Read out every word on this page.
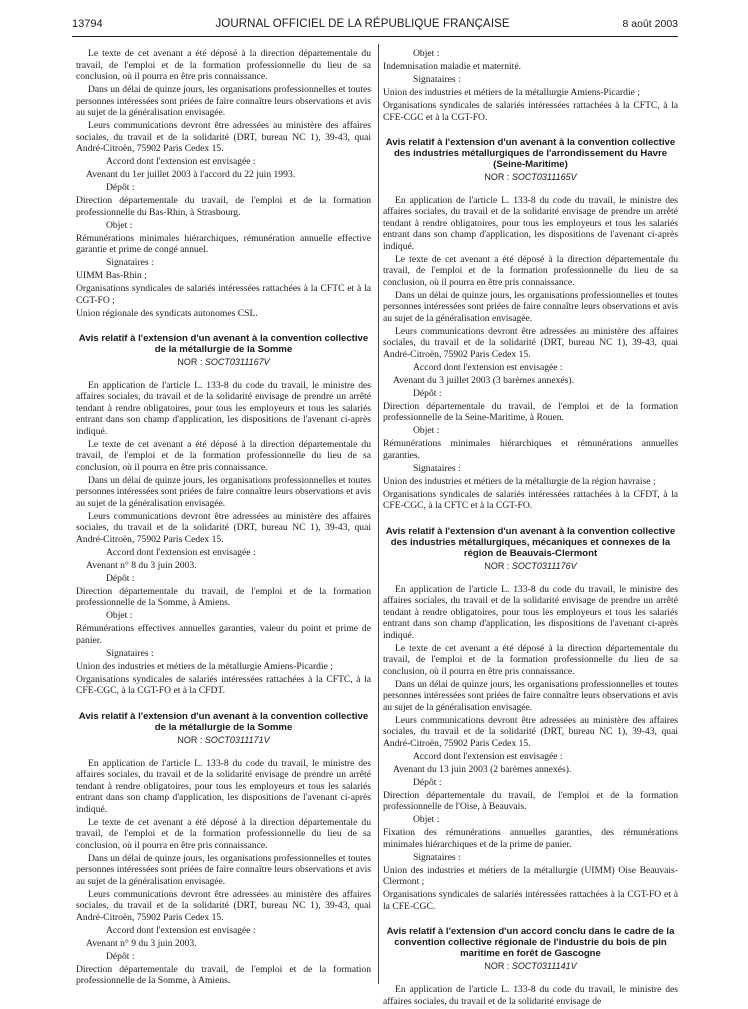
13794	JOURNAL OFFICIEL DE LA RÉPUBLIQUE FRANÇAISE	8 août 2003

Le texte de cet avenant a été déposé à la direction départementale du travail, de l'emploi et de la formation professionnelle du lieu de sa conclusion, où il pourra en être pris connaissance.

Dans un délai de quinze jours, les organisations professionnelles et toutes personnes intéressées sont priées de faire connaître leurs observations et avis au sujet de la généralisation envisagée.

Leurs communications devront être adressées au ministère des affaires sociales, du travail et de la solidarité (DRT, bureau NC 1), 39-43, quai André-Citroën, 75902 Paris Cedex 15.

Accord dont l'extension est envisagée :

Avenant du 1er juillet 2003 à l'accord du 22 juin 1993.

Dépôt :

Direction départementale du travail, de l'emploi et de la formation professionnelle du Bas-Rhin, à Strasbourg.

Objet :

Rémunérations minimales hiérarchiques, rémunération annuelle effective garantie et prime de congé annuel.

Signataires :

UIMM Bas-Rhin ;

Organisations syndicales de salariés intéressées rattachées à la CFTC et à la CGT-FO ;

Union régionale des syndicats autonomes CSL.

Avis relatif à l'extension d'un avenant à la convention collective de la métallurgie de la Somme
NOR : SOCT0311167V

En application de l'article L. 133-8 du code du travail, le ministre des affaires sociales, du travail et de la solidarité envisage de prendre un arrêté tendant à rendre obligatoires, pour tous les employeurs et tous les salariés entrant dans son champ d'application, les dispositions de l'avenant ci-après indiqué.

Le texte de cet avenant a été déposé à la direction départementale du travail, de l'emploi et de la formation professionnelle du lieu de sa conclusion, où il pourra en être pris connaissance.

Dans un délai de quinze jours, les organisations professionnelles et toutes personnes intéressées sont priées de faire connaître leurs observations et avis au sujet de la généralisation envisagée.

Leurs communications devront être adressées au ministère des affaires sociales, du travail et de la solidarité (DRT, bureau NC 1), 39-43, quai André-Citroën, 75902 Paris Cedex 15.

Accord dont l'extension est envisagée :

Avenant n° 8 du 3 juin 2003.

Dépôt :

Direction départementale du travail, de l'emploi et de la formation professionnelle de la Somme, à Amiens.

Objet :

Rémunérations effectives annuelles garanties, valeur du point et prime de panier.

Signataires :

Union des industries et métiers de la métallurgie Amiens-Picardie ;

Organisations syndicales de salariés intéressées rattachées à la CFTC, à la CFE-CGC, à la CGT-FO et à la CFDT.

Avis relatif à l'extension d'un avenant à la convention collective de la métallurgie de la Somme
NOR : SOCT0311171V

En application de l'article L. 133-8 du code du travail, le ministre des affaires sociales, du travail et de la solidarité envisage de prendre un arrêté tendant à rendre obligatoires, pour tous les employeurs et tous les salariés entrant dans son champ d'application, les dispositions de l'avenant ci-après indiqué.

Le texte de cet avenant a été déposé à la direction départementale du travail, de l'emploi et de la formation professionnelle du lieu de sa conclusion, où il pourra en être pris connaissance.

Dans un délai de quinze jours, les organisations professionnelles et toutes personnes intéressées sont priées de faire connaître leurs observations et avis au sujet de la généralisation envisagée.

Leurs communications devront être adressées au ministère des affaires sociales, du travail et de la solidarité (DRT, bureau NC 1), 39-43, quai André-Citroën, 75902 Paris Cedex 15.

Accord dont l'extension est envisagée :

Avenant n° 9 du 3 juin 2003.

Dépôt :

Direction départementale du travail, de l'emploi et de la formation professionnelle de la Somme, à Amiens.

Objet :

Indemnisation maladie et maternité.

Signataires :

Union des industries et métiers de la métallurgie Amiens-Picardie ;

Organisations syndicales de salariés intéressées rattachées à la CFTC, à la CFE-CGC et à la CGT-FO.

Avis relatif à l'extension d'un avenant à la convention collective des industries métallurgiques de l'arrondissement du Havre (Seine-Maritime)
NOR : SOCT0311165V

En application de l'article L. 133-8 du code du travail, le ministre des affaires sociales, du travail et de la solidarité envisage de prendre un arrêté tendant à rendre obligatoires, pour tous les employeurs et tous les salariés entrant dans son champ d'application, les dispositions de l'avenant ci-après indiqué.

Le texte de cet avenant a été déposé à la direction départementale du travail, de l'emploi et de la formation professionnelle du lieu de sa conclusion, où il pourra en être pris connaissance.

Dans un délai de quinze jours, les organisations professionnelles et toutes personnes intéressées sont priées de faire connaître leurs observations et avis au sujet de la généralisation envisagée.

Leurs communications devront être adressées au ministère des affaires sociales, du travail et de la solidarité (DRT, bureau NC 1), 39-43, quai André-Citroën, 75902 Paris Cedex 15.

Accord dont l'extension est envisagée :

Avenant du 3 juillet 2003 (3 barèmes annexés).

Dépôt :

Direction départementale du travail, de l'emploi et de la formation professionnelle de la Seine-Maritime, à Rouen.

Objet :

Rémunérations minimales hiérarchiques et rémunérations annuelles garanties.

Signataires :

Union des industries et métiers de la métallurgie de la région havraise ;

Organisations syndicales de salariés intéressées rattachées à la CFDT, à la CFE-CGC, à la CFTC et à la CGT-FO.

Avis relatif à l'extension d'un avenant à la convention collective des industries métallurgiques, mécaniques et connexes de la région de Beauvais-Clermont
NOR : SOCT0311176V

En application de l'article L. 133-8 du code du travail, le ministre des affaires sociales, du travail et de la solidarité envisage de prendre un arrêté tendant à rendre obligatoires, pour tous les employeurs et tous les salariés entrant dans son champ d'application, les dispositions de l'avenant ci-après indiqué.

Le texte de cet avenant a été déposé à la direction départementale du travail, de l'emploi et de la formation professionnelle du lieu de sa conclusion, où il pourra en être pris connaissance.

Dans un délai de quinze jours, les organisations professionnelles et toutes personnes intéressées sont priées de faire connaître leurs observations et avis au sujet de la généralisation envisagée.

Leurs communications devront être adressées au ministère des affaires sociales, du travail et de la solidarité (DRT, bureau NC 1), 39-43, quai André-Citroën, 75902 Paris Cedex 15.

Accord dont l'extension est envisagée :

Avenant du 13 juin 2003 (2 barèmes annexés).

Dépôt :

Direction départementale du travail, de l'emploi et de la formation professionnelle de l'Oise, à Beauvais.

Objet :

Fixation des rémunérations annuelles garanties, des rémunérations minimales hiérarchiques et de la prime de panier.

Signataires :

Union des industries et métiers de la métallurgie (UIMM) Oise Beauvais-Clermont ;

Organisations syndicales de salariés intéressées rattachées à la CGT-FO et à la CFE-CGC.

Avis relatif à l'extension d'un accord conclu dans le cadre de la convention collective régionale de l'industrie du bois de pin maritime en forêt de Gascogne
NOR : SOCT0311141V

En application de l'article L. 133-8 du code du travail, le ministre des affaires sociales, du travail et de la solidarité envisage de
